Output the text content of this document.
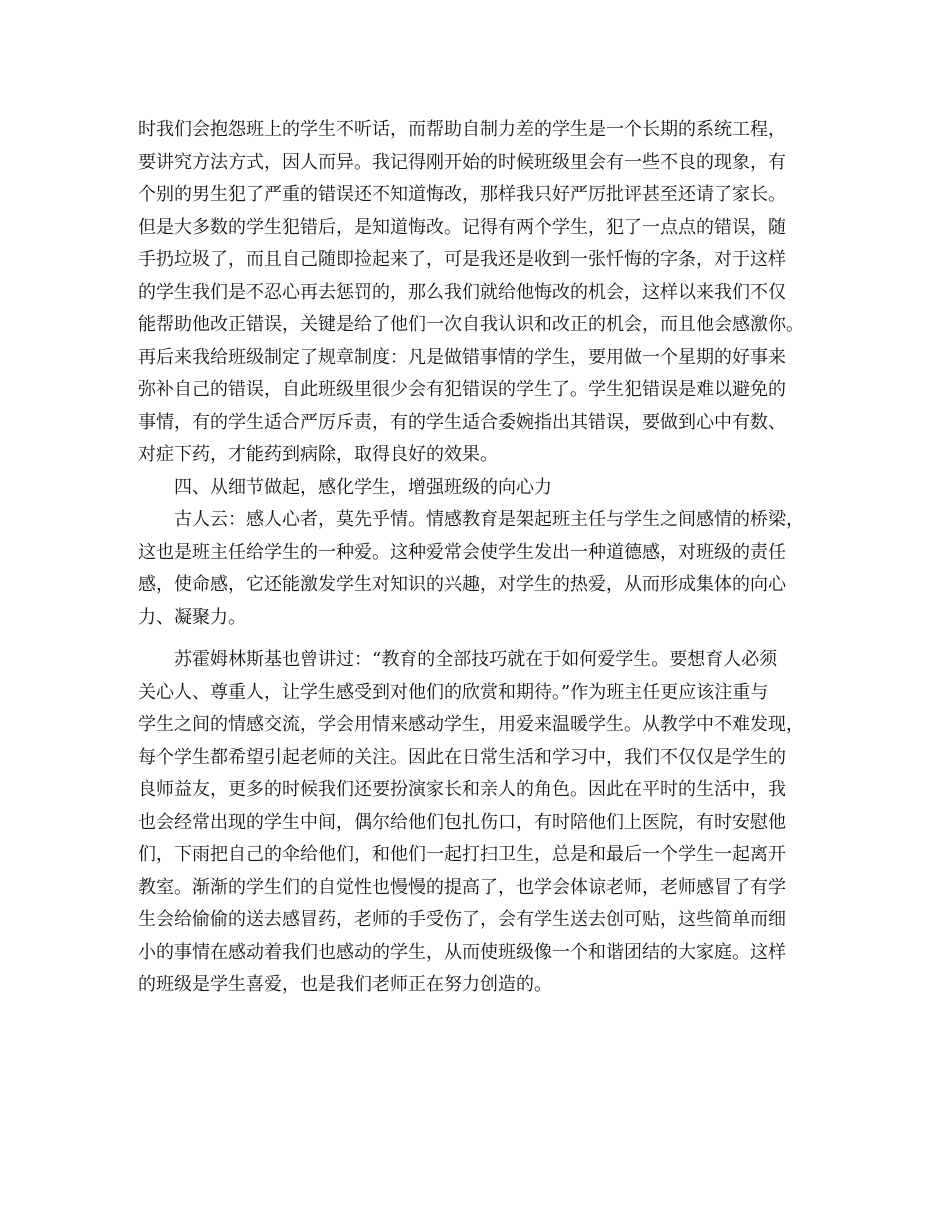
时我们会抱怨班上的学生不听话，而帮助自制力差的学生是一个长期的系统工程，
要讲究方法方式，因人而异。我记得刚开始的时候班级里会有一些不良的现象，有
个别的男生犯了严重的错误还不知道悔改，那样我只好严厉批评甚至还请了家长。
但是大多数的学生犯错后，是知道悔改。记得有两个学生，犯了一点点的错误，随
手扔垃圾了，而且自己随即捡起来了，可是我还是收到一张忏悔的字条，对于这样
的学生我们是不忍心再去惩罚的，那么我们就给他悔改的机会，这样以来我们不仅
能帮助他改正错误，关键是给了他们一次自我认识和改正的机会，而且他会感激你。
再后来我给班级制定了规章制度：凡是做错事情的学生，要用做一个星期的好事来
弥补自己的错误，自此班级里很少会有犯错误的学生了。学生犯错误是难以避免的
事情，有的学生适合严厉斥责，有的学生适合委婉指出其错误，要做到心中有数、
对症下药，才能药到病除，取得良好的效果。
四、从细节做起，感化学生，增强班级的向心力
古人云：感人心者，莫先乎情。情感教育是架起班主任与学生之间感情的桥梁，
这也是班主任给学生的一种爱。这种爱常会使学生发出一种道德感，对班级的责任
感，使命感，它还能激发学生对知识的兴趣，对学生的热爱，从而形成集体的向心
力、凝聚力。
苏霍姆林斯基也曾讲过：“教育的全部技巧就在于如何爱学生。要想育人必须
关心人、尊重人，让学生感受到对他们的欣赏和期待。”作为班主任更应该注重与
学生之间的情感交流，学会用情来感动学生，用爱来温暖学生。从教学中不难发现，
每个学生都希望引起老师的关注。因此在日常生活和学习中，我们不仅仅是学生的
良师益友，更多的时候我们还要扮演家长和亲人的角色。因此在平时的生活中，我
也会经常出现的学生中间，偶尔给他们包扎伤口，有时陪他们上医院，有时安慰他
们，下雨把自己的伞给他们，和他们一起打扫卫生，总是和最后一个学生一起离开
教室。渐渐的学生们的自觉性也慢慢的提高了，也学会体谅老师，老师感冒了有学
生会给偷偷的送去感冒药，老师的手受伤了，会有学生送去创可贴，这些简单而细
小的事情在感动着我们也感动的学生，从而使班级像一个和谐团结的大家庭。这样
的班级是学生喜爱，也是我们老师正在努力创造的。
